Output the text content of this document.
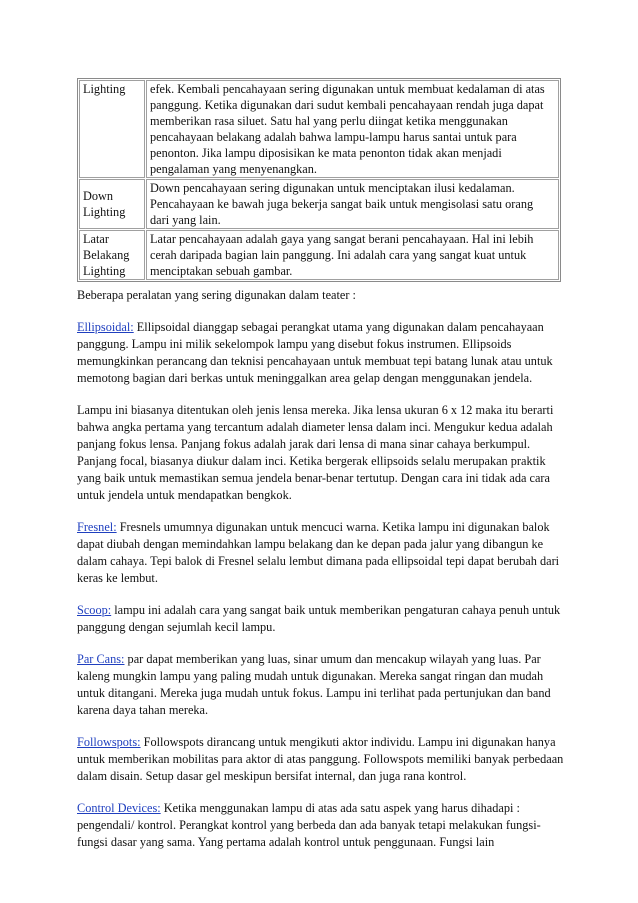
Lighting	efek. Kembali pencahayaan sering digunakan untuk membuat kedalaman di atas panggung. Ketika digunakan dari sudut kembali pencahayaan rendah juga dapat memberikan rasa siluet. Satu hal yang perlu diingat ketika menggunakan pencahayaan belakang adalah bahwa lampu-lampu harus santai untuk para penonton. Jika lampu diposisikan ke mata penonton tidak akan menjadi pengalaman yang menyenangkan.
Down Lighting	Down pencahayaan sering digunakan untuk menciptakan ilusi kedalaman. Pencahayaan ke bawah juga bekerja sangat baik untuk mengisolasi satu orang dari yang lain.
Latar Belakang Lighting	Latar pencahayaan adalah gaya yang sangat berani pencahayaan. Hal ini lebih cerah daripada bagian lain panggung. Ini adalah cara yang sangat kuat untuk menciptakan sebuah gambar.

Beberapa peralatan yang sering digunakan dalam teater :

Ellipsoidal: Ellipsoidal dianggap sebagai perangkat utama yang digunakan dalam pencahayaan panggung. Lampu ini milik sekelompok lampu yang disebut fokus instrumen. Ellipsoids memungkinkan perancang dan teknisi pencahayaan untuk membuat tepi batang lunak atau untuk memotong bagian dari berkas untuk meninggalkan area gelap dengan menggunakan jendela.

Lampu ini biasanya ditentukan oleh jenis lensa mereka. Jika lensa ukuran 6 x 12 maka itu berarti bahwa angka pertama yang tercantum adalah diameter lensa dalam inci. Mengukur kedua adalah panjang fokus lensa. Panjang fokus adalah jarak dari lensa di mana sinar cahaya berkumpul. Panjang focal, biasanya diukur dalam inci. Ketika bergerak ellipsoids selalu merupakan praktik yang baik untuk memastikan semua jendela benar-benar tertutup. Dengan cara ini tidak ada cara untuk jendela untuk mendapatkan bengkok.

Fresnel: Fresnels umumnya digunakan untuk mencuci warna. Ketika lampu ini digunakan balok dapat diubah dengan memindahkan lampu belakang dan ke depan pada jalur yang dibangun ke dalam cahaya. Tepi balok di Fresnel selalu lembut dimana pada ellipsoidal tepi dapat berubah dari keras ke lembut.

Scoop: lampu ini adalah cara yang sangat baik untuk memberikan pengaturan cahaya penuh untuk panggung dengan sejumlah kecil lampu.

Par Cans: par dapat memberikan yang luas, sinar umum dan mencakup wilayah yang luas. Par kaleng mungkin lampu yang paling mudah untuk digunakan. Mereka sangat ringan dan mudah untuk ditangani. Mereka juga mudah untuk fokus. Lampu ini terlihat pada pertunjukan dan band karena daya tahan mereka.

Followspots: Followspots dirancang untuk mengikuti aktor individu. Lampu ini digunakan hanya untuk memberikan mobilitas para aktor di atas panggung. Followspots memiliki banyak perbedaan dalam disain. Setup dasar gel meskipun bersifat internal, dan juga rana kontrol.

Control Devices: Ketika menggunakan lampu di atas ada satu aspek yang harus dihadapi : pengendali/ kontrol. Perangkat kontrol yang berbeda dan ada banyak tetapi melakukan fungsi-fungsi dasar yang sama. Yang pertama adalah kontrol untuk penggunaan. Fungsi lain
